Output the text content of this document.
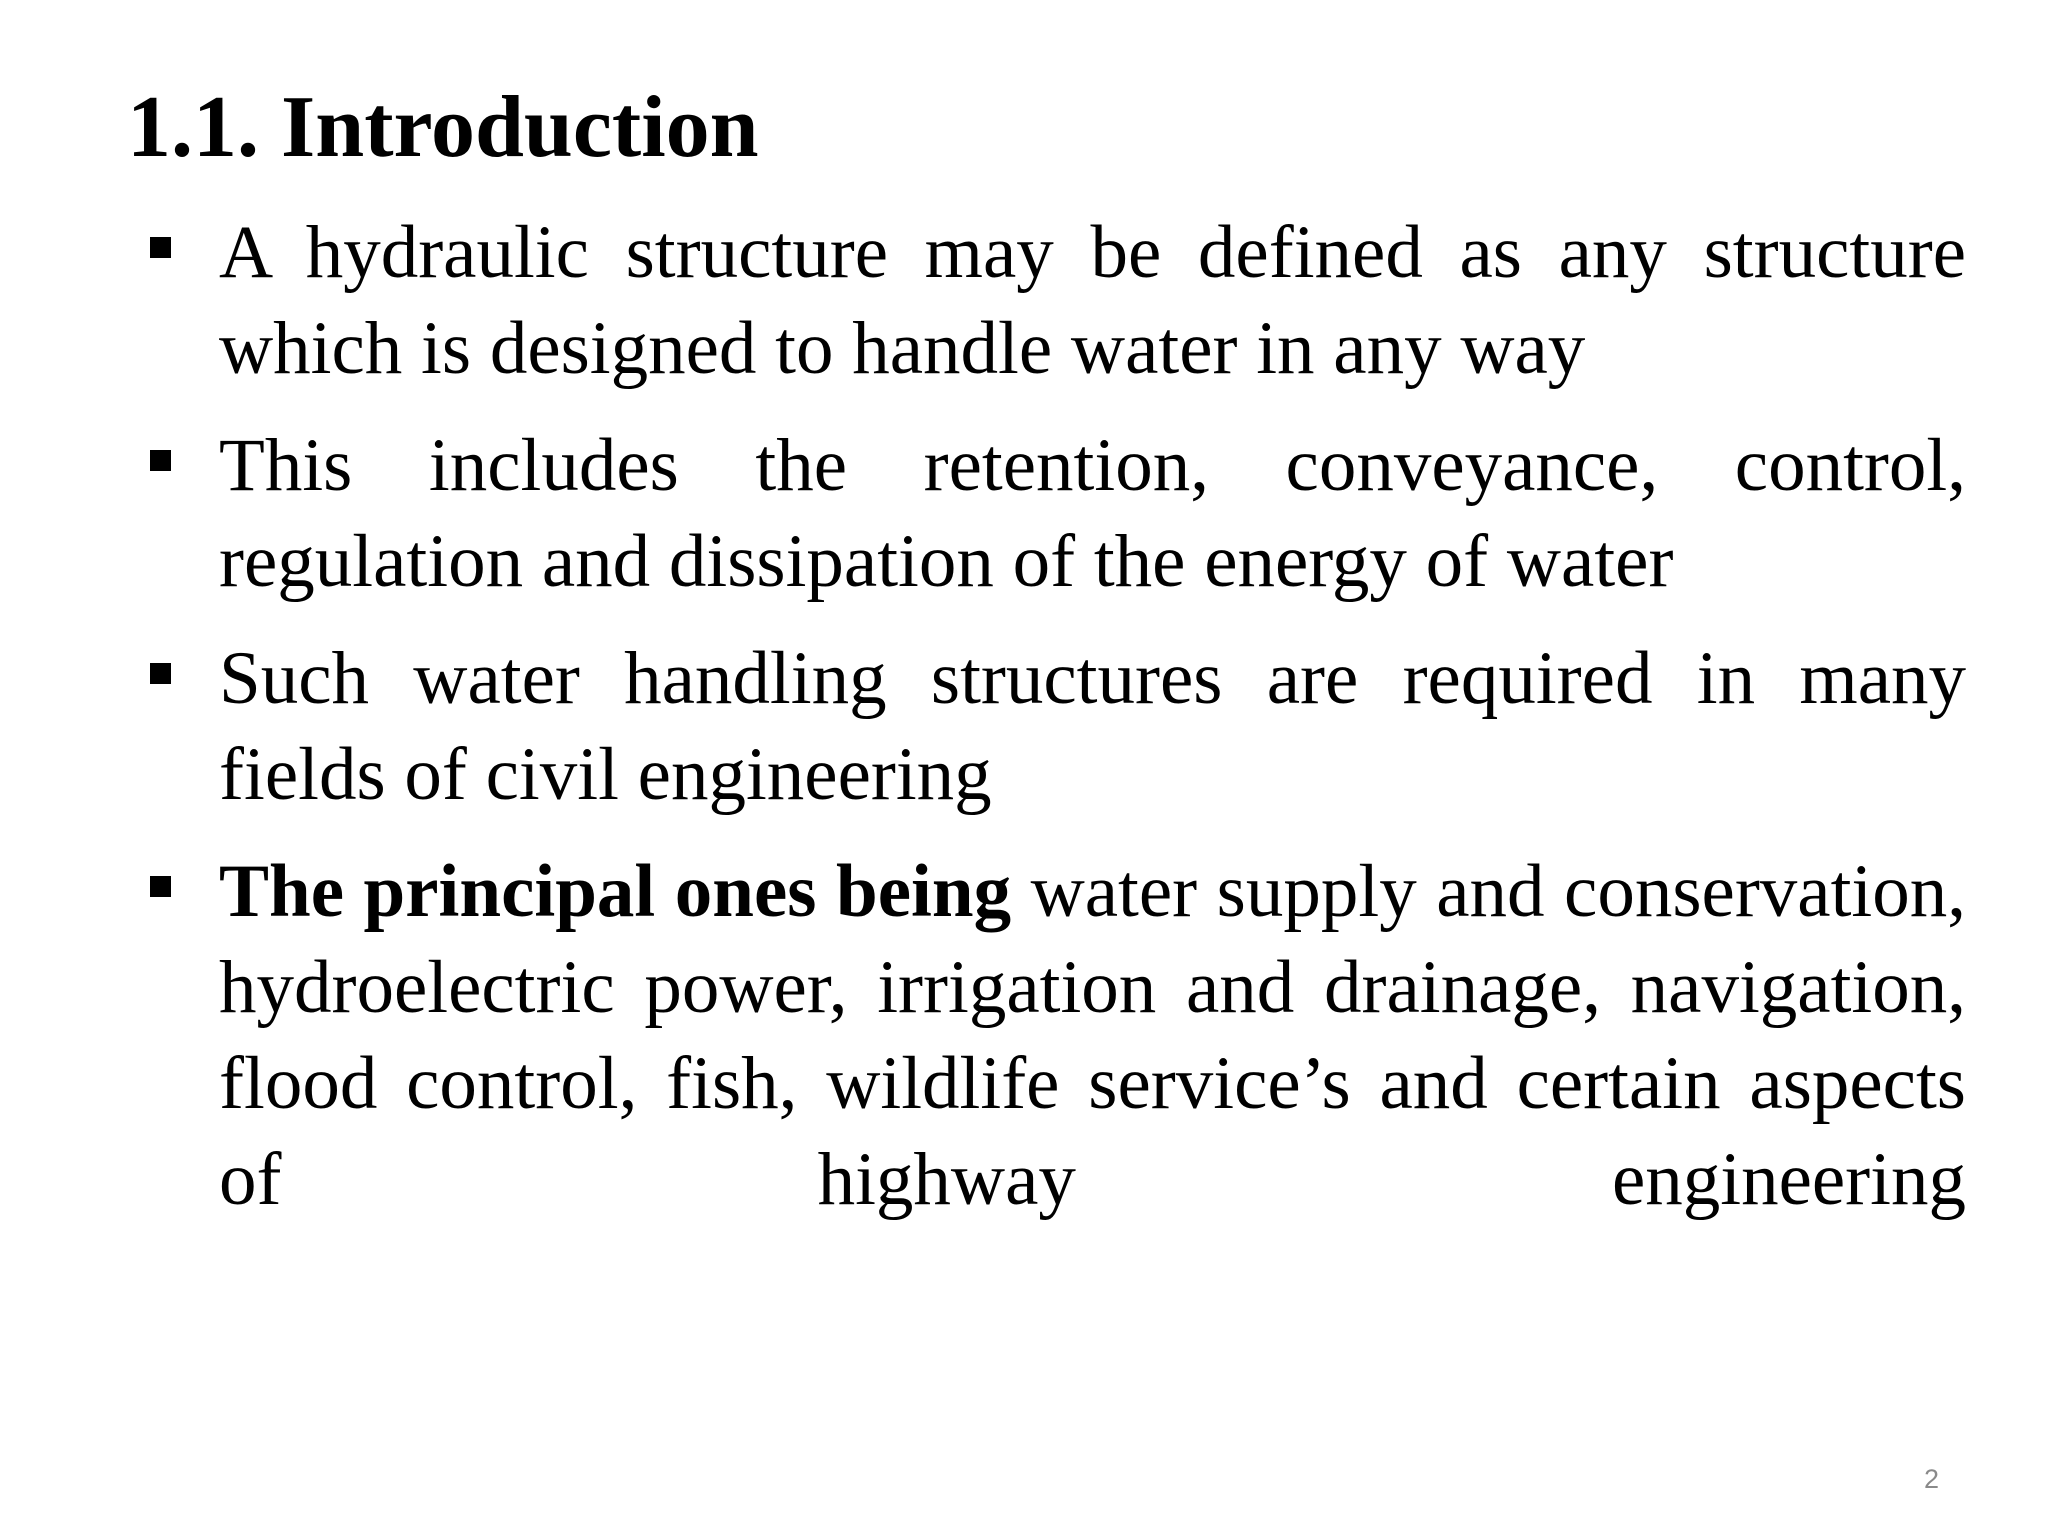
1.1. Introduction
A hydraulic structure may be defined as any structure which is designed to handle water in any way
This includes the retention, conveyance, control, regulation and dissipation of the energy of water
Such water handling structures are required in many fields of civil engineering
The principal ones being water supply and conservation, hydroelectric power, irrigation and drainage, navigation, flood control, fish, wildlife service’s and certain aspects of highway engineering
2
